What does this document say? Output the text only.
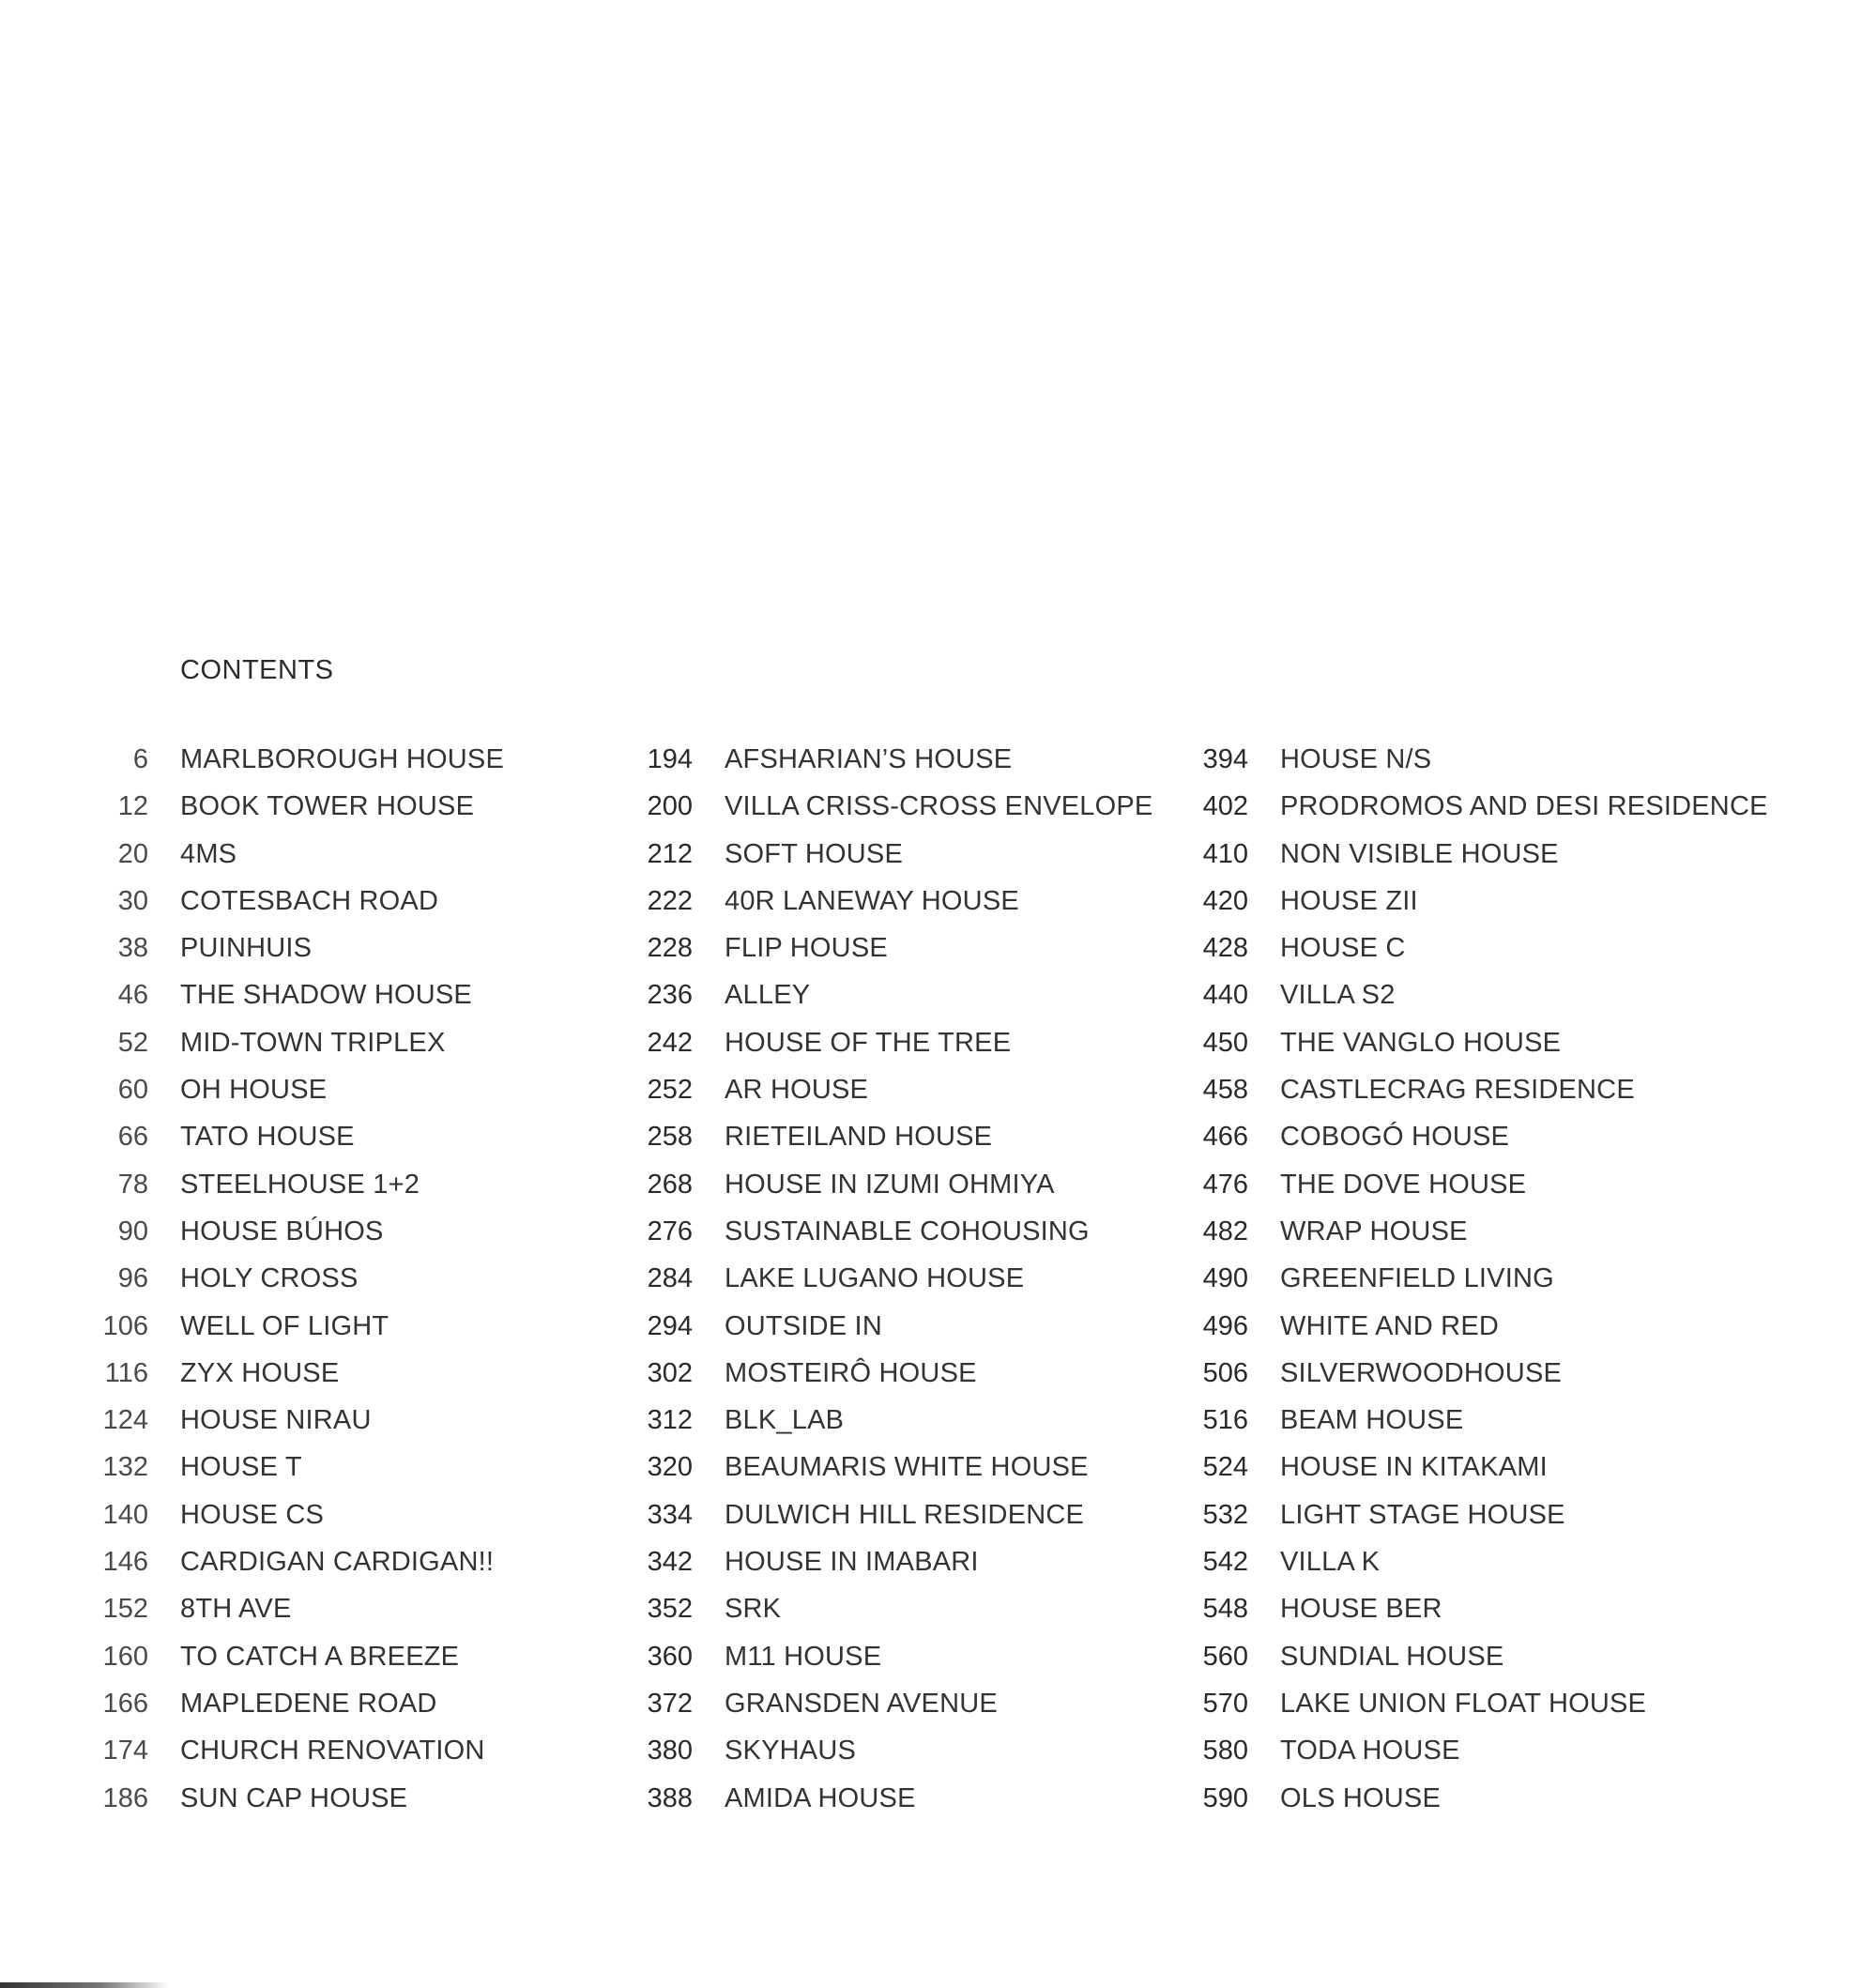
CONTENTS
6 MARLBOROUGH HOUSE
12 BOOK TOWER HOUSE
20 4MS
30 COTESBACH ROAD
38 PUINHUIS
46 THE SHADOW HOUSE
52 MID-TOWN TRIPLEX
60 OH HOUSE
66 TATO HOUSE
78 STEELHOUSE 1+2
90 HOUSE BÚHOS
96 HOLY CROSS
106 WELL OF LIGHT
116 ZYX HOUSE
124 HOUSE NIRAU
132 HOUSE T
140 HOUSE CS
146 CARDIGAN CARDIGAN!!
152 8TH AVE
160 TO CATCH A BREEZE
166 MAPLEDENE ROAD
174 CHURCH RENOVATION
186 SUN CAP HOUSE
194 AFSHARIAN’S HOUSE
200 VILLA CRISS-CROSS ENVELOPE
212 SOFT HOUSE
222 40R LANEWAY HOUSE
228 FLIP HOUSE
236 ALLEY
242 HOUSE OF THE TREE
252 AR HOUSE
258 RIETEILAND HOUSE
268 HOUSE IN IZUMI OHMIYA
276 SUSTAINABLE COHOUSING
284 LAKE LUGANO HOUSE
294 OUTSIDE IN
302 MOSTEIRÔ HOUSE
312 BLK_LAB
320 BEAUMARIS WHITE HOUSE
334 DULWICH HILL RESIDENCE
342 HOUSE IN IMABARI
352 SRK
360 M11 HOUSE
372 GRANSDEN AVENUE
380 SKYHAUS
388 AMIDA HOUSE
394 HOUSE N/S
402 PRODROMOS AND DESI RESIDENCE
410 NON VISIBLE HOUSE
420 HOUSE ZII
428 HOUSE C
440 VILLA S2
450 THE VANGLO HOUSE
458 CASTLECRAG RESIDENCE
466 COBOGÓ HOUSE
476 THE DOVE HOUSE
482 WRAP HOUSE
490 GREENFIELD LIVING
496 WHITE AND RED
506 SILVERWOODHOUSE
516 BEAM HOUSE
524 HOUSE IN KITAKAMI
532 LIGHT STAGE HOUSE
542 VILLA K
548 HOUSE BER
560 SUNDIAL HOUSE
570 LAKE UNION FLOAT HOUSE
580 TODA HOUSE
590 OLS HOUSE
